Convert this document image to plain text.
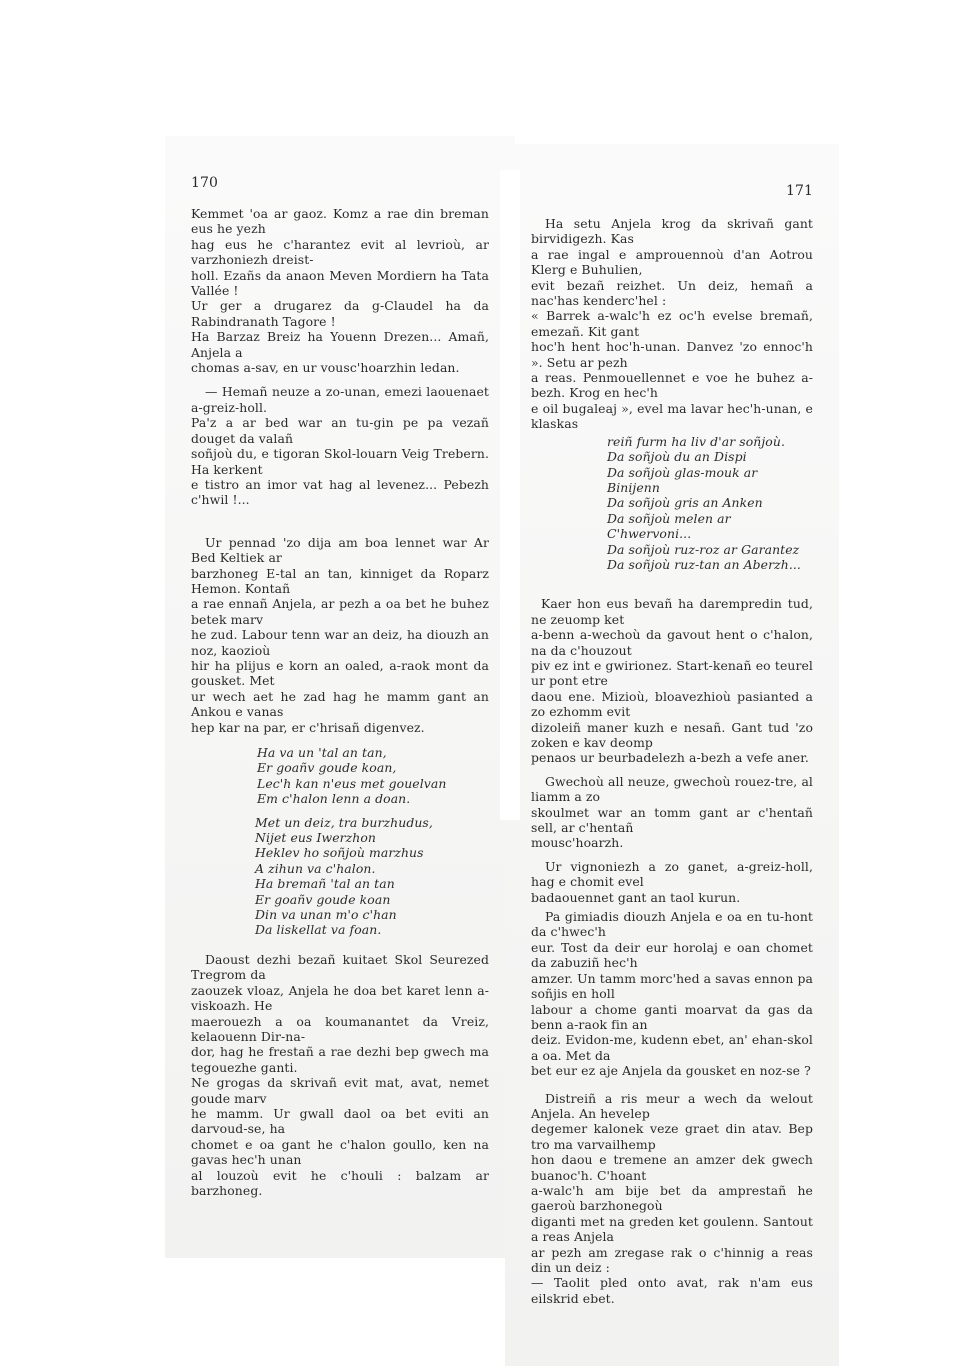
170

Kemmet 'oa ar gaoz. Komz a rae din breman eus he yezh
hag eus he c'harantez evit al levrioù, ar varzhoniezh dreist-
holl. Ezañs da anaon Meven Mordiern ha Tata Vallée !
Ur ger a drugarez da g-Claudel ha da Rabindranath Tagore !
Ha Barzaz Breiz ha Youenn Drezen... Amañ, Anjela a
chomas a-sav, en ur vousc'hoarzhin ledan.

— Hemañ neuze a zo-unan, emezi laouenaet a-greiz-holl.
Pa'z a ar bed war an tu-gin pe pa vezañ douget da valañ
soñjoù du, e tigoran Skol-louarn Veig Trebern. Ha kerkent
e tistro an imor vat hag al levenez... Pebezh c'hwil !...

Ur pennad 'zo dija am boa lennet war Ar Bed Keltiek ar
barzhoneg E-tal an tan, kinniget da Roparz Hemon. Kontañ
a rae ennañ Anjela, ar pezh a oa bet he buhez betek marv
he zud. Labour tenn war an deiz, ha diouzh an noz, kaozioù
hir ha plijus e korn an oaled, a-raok mont da gousket. Met
ur wech aet he zad hag he mamm gant an Ankou e vanas
hep kar na par, er c'hrisañ digenvez.

Ha va un 'tal an tan,
Er goañv goude koan,
Lec'h kan n'eus met gouelvan
Em c'halon lenn a doan.
Met un deiz, tra burzhudus,
Nijet eus Iwerzhon
Heklev ho soñjoù marzhus
A zihun va c'halon.
Ha bremañ 'tal an tan
Er goañv goude koan
Din va unan m'o c'han
Da liskellat va foan.

Daoust dezhi bezañ kuitaet Skol Seurezed Tregrom da
zaouzek vloaz, Anjela he doa bet karet lenn a-viskoazh. He
maerouezh a oa koumanantet da Vreiz, kelaouenn Dir-na-
dor, hag he frestañ a rae dezhi bep gwech ma tegouezhe ganti.
Ne grogas da skrivañ evit mat, avat, nemet goude marv
he mamm. Ur gwall daol oa bet eviti an darvoud-se, ha
chomet e oa gant he c'halon goullo, ken na gavas hec'h unan
al louzoù evit he c'houli : balzam ar barzhoneg.

171

Ha setu Anjela krog da skrivañ gant birvidigezh. Kas
a rae ingal e amprouennoù d'an Aotrou Klerg e Buhulien,
evit bezañ reizhet. Un deiz, hemañ a nac'has kenderc'hel :
« Barrek a-walc'h ez oc'h evelse bremañ, emezañ. Kit gant
hoc'h hent hoc'h-unan. Danvez 'zo ennoc'h ». Setu ar pezh
a reas. Penmouellennet e voe he buhez a-bezh. Krog en hec'h
e oil bugaleaj », evel ma lavar hec'h-unan, e klaskas

reiñ furm ha liv d'ar soñjoù.
Da soñjoù du an Dispi
Da soñjoù glas-mouk ar Binijenn
Da soñjoù gris an Anken
Da soñjoù melen ar C'hwervoni...
Da soñjoù ruz-roz ar Garantez
Da soñjoù ruz-tan an Aberzh...

Kaer hon eus bevañ ha darempredin tud, ne zeuomp ket
a-benn a-wechoù da gavout hent o c'halon, na da c'houzout
piv ez int e gwirionez. Start-kenañ eo teurel ur pont etre
daou ene. Mizioù, bloavezhioù pasianted a zo ezhomm evit
dizoleiñ maner kuzh e nesañ. Gant tud 'zo zoken e kav deomp
penaos ur beurbadelezh a-bezh a vefe aner.

Gwechoù all neuze, gwechoù rouez-tre, al liamm a zo
skoulmet war an tomm gant ar c'hentañ sell, ar c'hentañ
mousc'hoarzh.

Ur vignoniezh a zo ganet, a-greiz-holl, hag e chomit evel
badaouennet gant an taol kurun.

Pa gimiadis diouzh Anjela e oa en tu-hont da c'hwec'h
eur. Tost da deir eur horolaj e oan chomet da zabuziñ hec'h
amzer. Un tamm morc'hed a savas ennon pa soñjis en holl
labour a chome ganti moarvat da gas da benn a-raok fin an
deiz. Evidon-me, kudenn ebet, an' ehan-skol a oa. Met da
bet eur ez aje Anjela da gousket en noz-se ?

Distreiñ a ris meur a wech da welout Anjela. An hevelep
degemer kalonek veze graet din atav. Bep tro ma varvailhemp
hon daou e tremene an amzer dek gwech buanoc'h. C'hoant
a-walc'h am bije bet da amprestañ he gaeroù barzhonegoù
diganti met na greden ket goulenn. Santout a reas Anjela
ar pezh am zregase rak o c'hinnig a reas din un deiz :
— Taolit pled onto avat, rak n'am eus eilskrid ebet.
